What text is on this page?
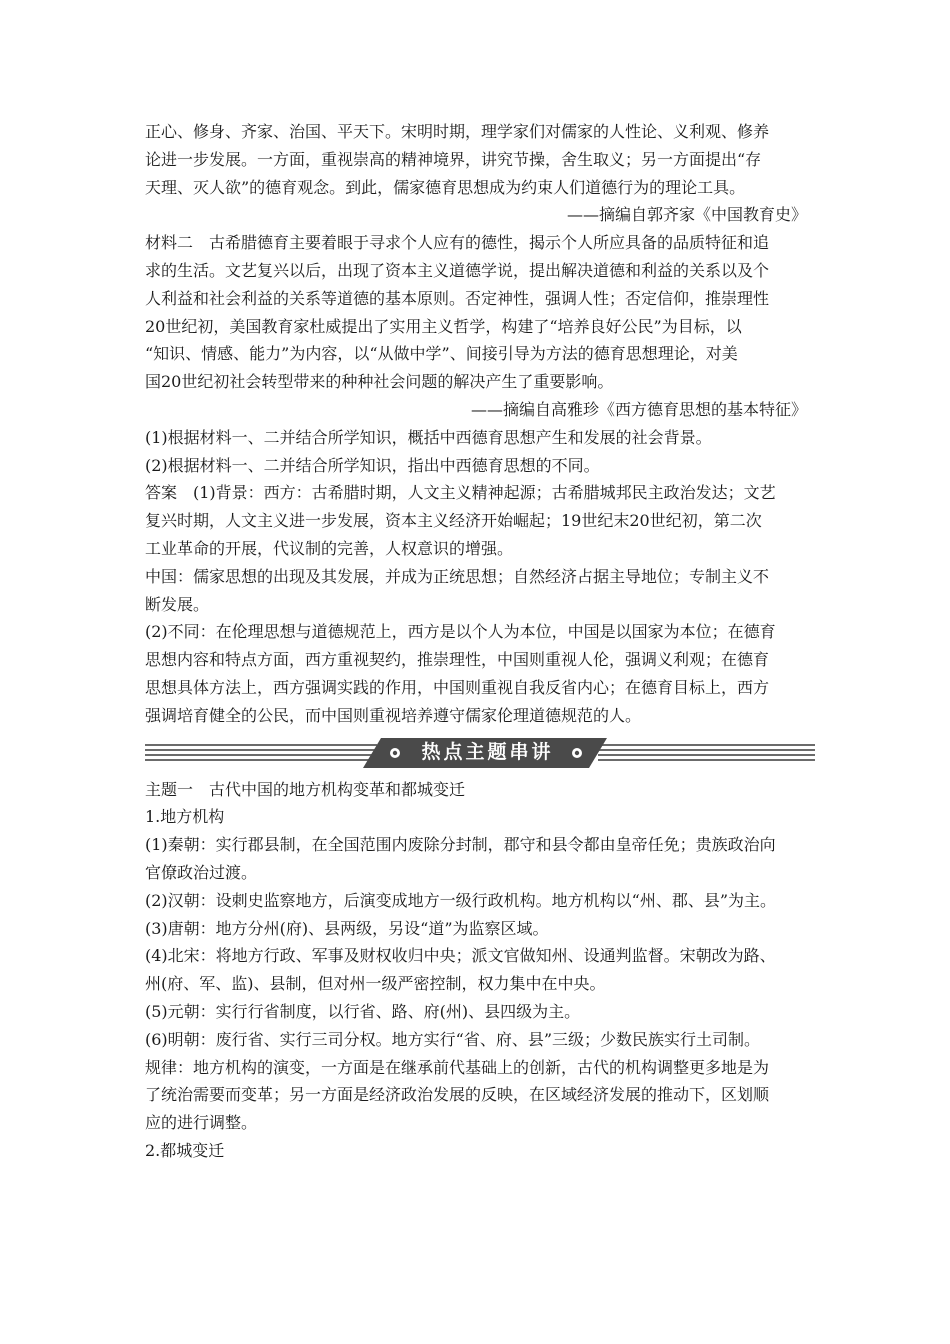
正心、修身、齐家、治国、平天下。宋明时期，理学家们对儒家的人性论、义利观、修养

论进一步发展。一方面，重视崇高的精神境界，讲究节操，舍生取义；另一方面提出“存

天理、灭人欲”的德育观念。到此，儒家德育思想成为约束人们道德行为的理论工具。

——摘编自郭齐家《中国教育史》

材料二　古希腊德育主要着眼于寻求个人应有的德性，揭示个人所应具备的品质特征和追

求的生活。文艺复兴以后，出现了资本主义道德学说，提出解决道德和利益的关系以及个

人利益和社会利益的关系等道德的基本原则。否定神性，强调人性；否定信仰，推崇理性

20世纪初，美国教育家杜威提出了实用主义哲学，构建了“培养良好公民”为目标，以

“知识、情感、能力”为内容，以“从做中学”、间接引导为方法的德育思想理论，对美

国20世纪初社会转型带来的种种社会问题的解决产生了重要影响。

——摘编自高雅珍《西方德育思想的基本特征》

(1)根据材料一、二并结合所学知识，概括中西德育思想产生和发展的社会背景。

(2)根据材料一、二并结合所学知识，指出中西德育思想的不同。

答案　(1)背景：西方：古希腊时期，人文主义精神起源；古希腊城邦民主政治发达；文艺

复兴时期，人文主义进一步发展，资本主义经济开始崛起；19世纪末20世纪初，第二次

工业革命的开展，代议制的完善，人权意识的增强。

中国：儒家思想的出现及其发展，并成为正统思想；自然经济占据主导地位；专制主义不

断发展。

(2)不同：在伦理思想与道德规范上，西方是以个人为本位，中国是以国家为本位；在德育

思想内容和特点方面，西方重视契约，推崇理性，中国则重视人伦，强调义利观；在德育

思想具体方法上，西方强调实践的作用，中国则重视自我反省内心；在德育目标上，西方

强调培育健全的公民，而中国则重视培养遵守儒家伦理道德规范的人。

热点主题串讲

主题一　古代中国的地方机构变革和都城变迁

1.地方机构

(1)秦朝：实行郡县制，在全国范围内废除分封制，郡守和县令都由皇帝任免；贵族政治向

官僚政治过渡。

(2)汉朝：设刺史监察地方，后演变成地方一级行政机构。地方机构以“州、郡、县”为主。

(3)唐朝：地方分州(府)、县两级，另设“道”为监察区域。

(4)北宋：将地方行政、军事及财权收归中央；派文官做知州、设通判监督。宋朝改为路、

州(府、军、监)、县制，但对州一级严密控制，权力集中在中央。

(5)元朝：实行行省制度，以行省、路、府(州)、县四级为主。

(6)明朝：废行省、实行三司分权。地方实行“省、府、县”三级；少数民族实行土司制。

规律：地方机构的演变，一方面是在继承前代基础上的创新，古代的机构调整更多地是为

了统治需要而变革；另一方面是经济政治发展的反映，在区域经济发展的推动下，区划顺

应的进行调整。

2.都城变迁
